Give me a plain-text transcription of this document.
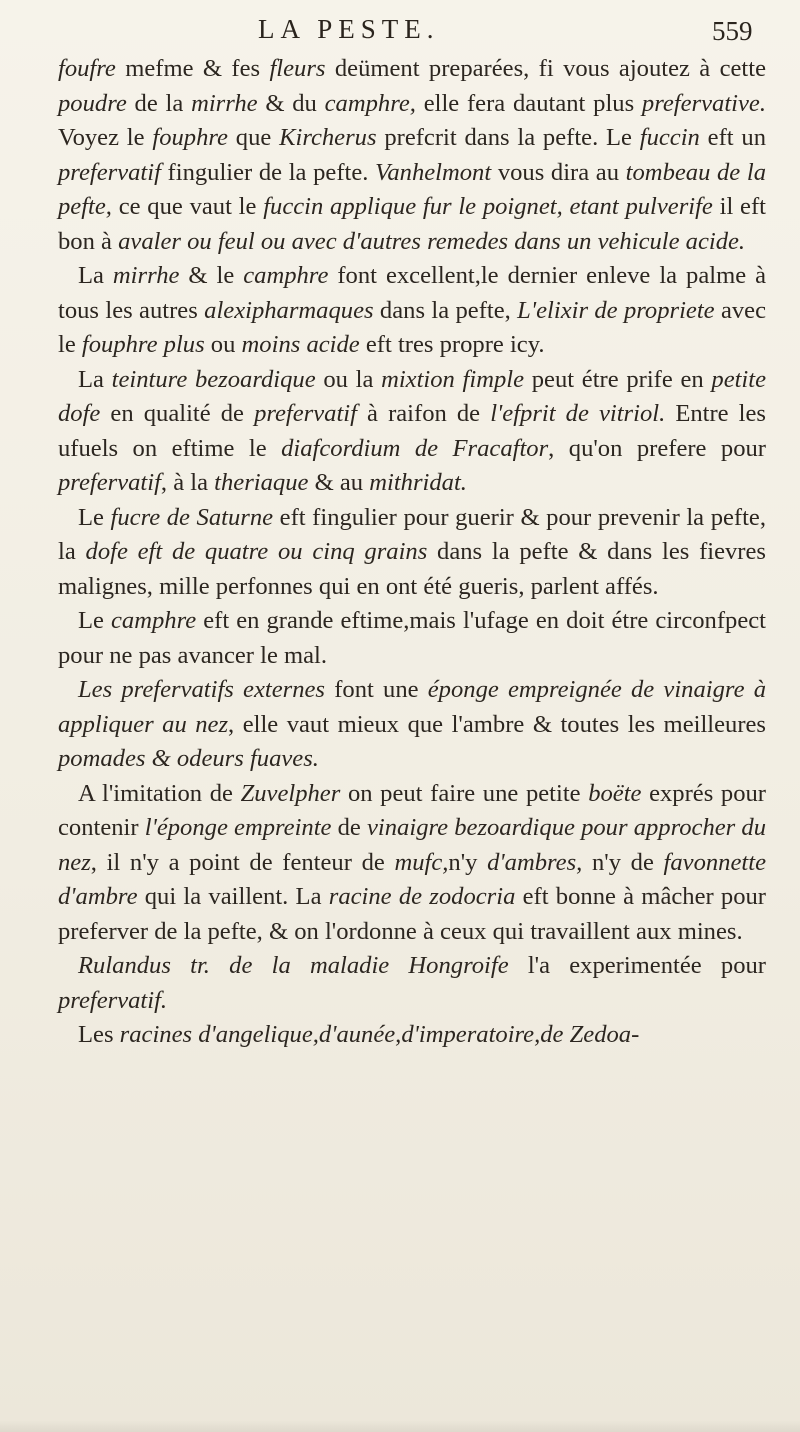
LA PESTE.	559

foufre mefme & fes fleurs deüment preparées, fi vous ajoutez à cette poudre de la mirrhe & du camphre, elle fera dautant plus prefervative. Voyez le fouphre que Kircherus prefcrit dans la pefte. Le fuccin eft un prefervatif fingulier de la pefte. Vanhelmont vous dira au tombeau de la pefte, ce que vaut le fuccin applique fur le poignet, etant pulverife il eft bon à avaler ou feul ou avec d'autres remedes dans un vehicule acide.

La mirrhe & le camphre font excellent,le dernier enleve la palme à tous les autres alexipharmaques dans la pefte, L'elixir de propriete avec le fouphre plus ou moins acide eft tres propre icy.

La teinture bezoardique ou la mixtion fimple peut étre prife en petite dofe en qualité de prefervatif à raifon de l'efprit de vitriol. Entre les ufuels on eftime le diafcordium de Fracaftor, qu'on prefere pour prefervatif, à la theriaque & au mithridat.

Le fucre de Saturne eft fingulier pour guerir & pour prevenir la pefte, la dofe eft de quatre ou cinq grains dans la pefte & dans les fievres malignes, mille perfonnes qui en ont été gueris, parlent affés.

Le camphre eft en grande eftime,mais l'ufage en doit étre circonfpect pour ne pas avancer le mal.

Les prefervatifs externes font une éponge empreignée de vinaigre à appliquer au nez, elle vaut mieux que l'ambre & toutes les meilleures pomades & odeurs fuaves.

A l'imitation de Zuvelpher on peut faire une petite boëte exprés pour contenir l'éponge empreinte de vinaigre bezoardique pour approcher du nez, il n'y a point de fenteur de mufc,n'y d'ambres, n'y de favonnette d'ambre qui la vaillent. La racine de zodocria eft bonne à mâcher pour preferver de la pefte, & on l'ordonne à ceux qui travaillent aux mines.

Rulandus tr. de la maladie Hongroife l'a experimentée pour prefervatif.

Les racines d'angelique,d'aunée,d'imperatoire,de Zedoa-
